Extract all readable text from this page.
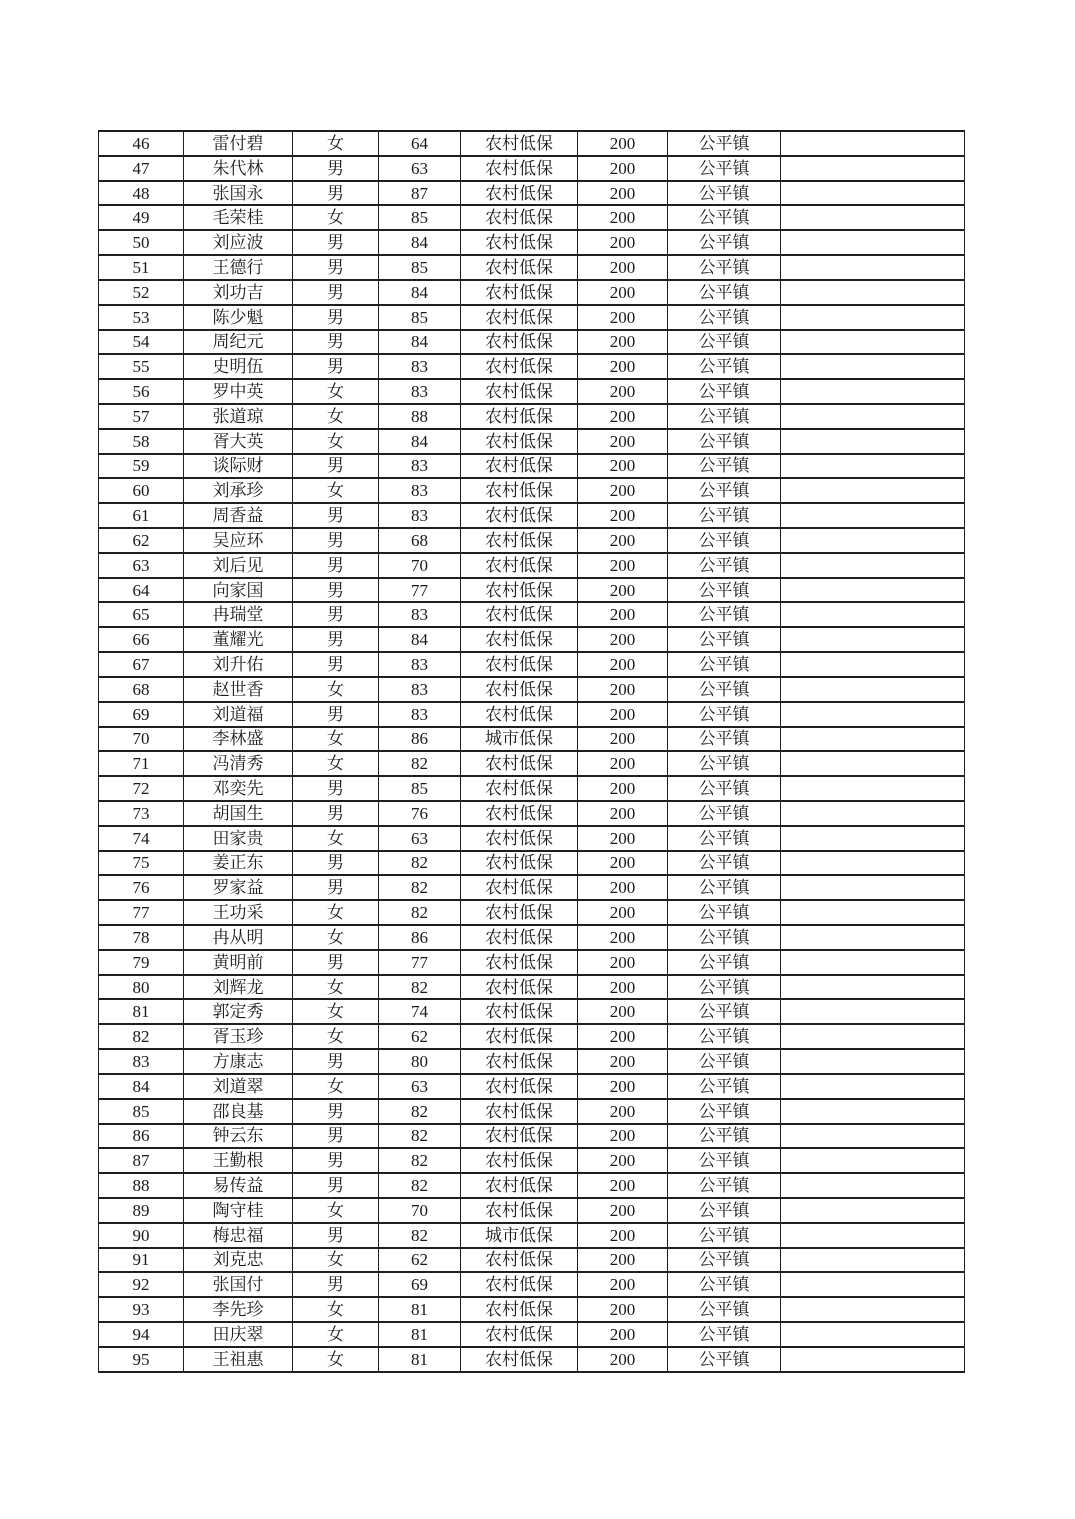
46	雷付碧	女	64	农村低保	200	公平镇	
47	朱代林	男	63	农村低保	200	公平镇	
48	张国永	男	87	农村低保	200	公平镇	
49	毛荣桂	女	85	农村低保	200	公平镇	
50	刘应波	男	84	农村低保	200	公平镇	
51	王德行	男	85	农村低保	200	公平镇	
52	刘功吉	男	84	农村低保	200	公平镇	
53	陈少魁	男	85	农村低保	200	公平镇	
54	周纪元	男	84	农村低保	200	公平镇	
55	史明伍	男	83	农村低保	200	公平镇	
56	罗中英	女	83	农村低保	200	公平镇	
57	张道琼	女	88	农村低保	200	公平镇	
58	胥大英	女	84	农村低保	200	公平镇	
59	谈际财	男	83	农村低保	200	公平镇	
60	刘承珍	女	83	农村低保	200	公平镇	
61	周香益	男	83	农村低保	200	公平镇	
62	吴应环	男	68	农村低保	200	公平镇	
63	刘后见	男	70	农村低保	200	公平镇	
64	向家国	男	77	农村低保	200	公平镇	
65	冉瑞堂	男	83	农村低保	200	公平镇	
66	董耀光	男	84	农村低保	200	公平镇	
67	刘升佑	男	83	农村低保	200	公平镇	
68	赵世香	女	83	农村低保	200	公平镇	
69	刘道福	男	83	农村低保	200	公平镇	
70	李林盛	女	86	城市低保	200	公平镇	
71	冯清秀	女	82	农村低保	200	公平镇	
72	邓奕先	男	85	农村低保	200	公平镇	
73	胡国生	男	76	农村低保	200	公平镇	
74	田家贵	女	63	农村低保	200	公平镇	
75	姜正东	男	82	农村低保	200	公平镇	
76	罗家益	男	82	农村低保	200	公平镇	
77	王功采	女	82	农村低保	200	公平镇	
78	冉从明	女	86	农村低保	200	公平镇	
79	黄明前	男	77	农村低保	200	公平镇	
80	刘辉龙	女	82	农村低保	200	公平镇	
81	郭定秀	女	74	农村低保	200	公平镇	
82	胥玉珍	女	62	农村低保	200	公平镇	
83	方康志	男	80	农村低保	200	公平镇	
84	刘道翠	女	63	农村低保	200	公平镇	
85	邵良基	男	82	农村低保	200	公平镇	
86	钟云东	男	82	农村低保	200	公平镇	
87	王勤根	男	82	农村低保	200	公平镇	
88	易传益	男	82	农村低保	200	公平镇	
89	陶守桂	女	70	农村低保	200	公平镇	
90	梅忠福	男	82	城市低保	200	公平镇	
91	刘克忠	女	62	农村低保	200	公平镇	
92	张国付	男	69	农村低保	200	公平镇	
93	李先珍	女	81	农村低保	200	公平镇	
94	田庆翠	女	81	农村低保	200	公平镇	
95	王祖惠	女	81	农村低保	200	公平镇	
